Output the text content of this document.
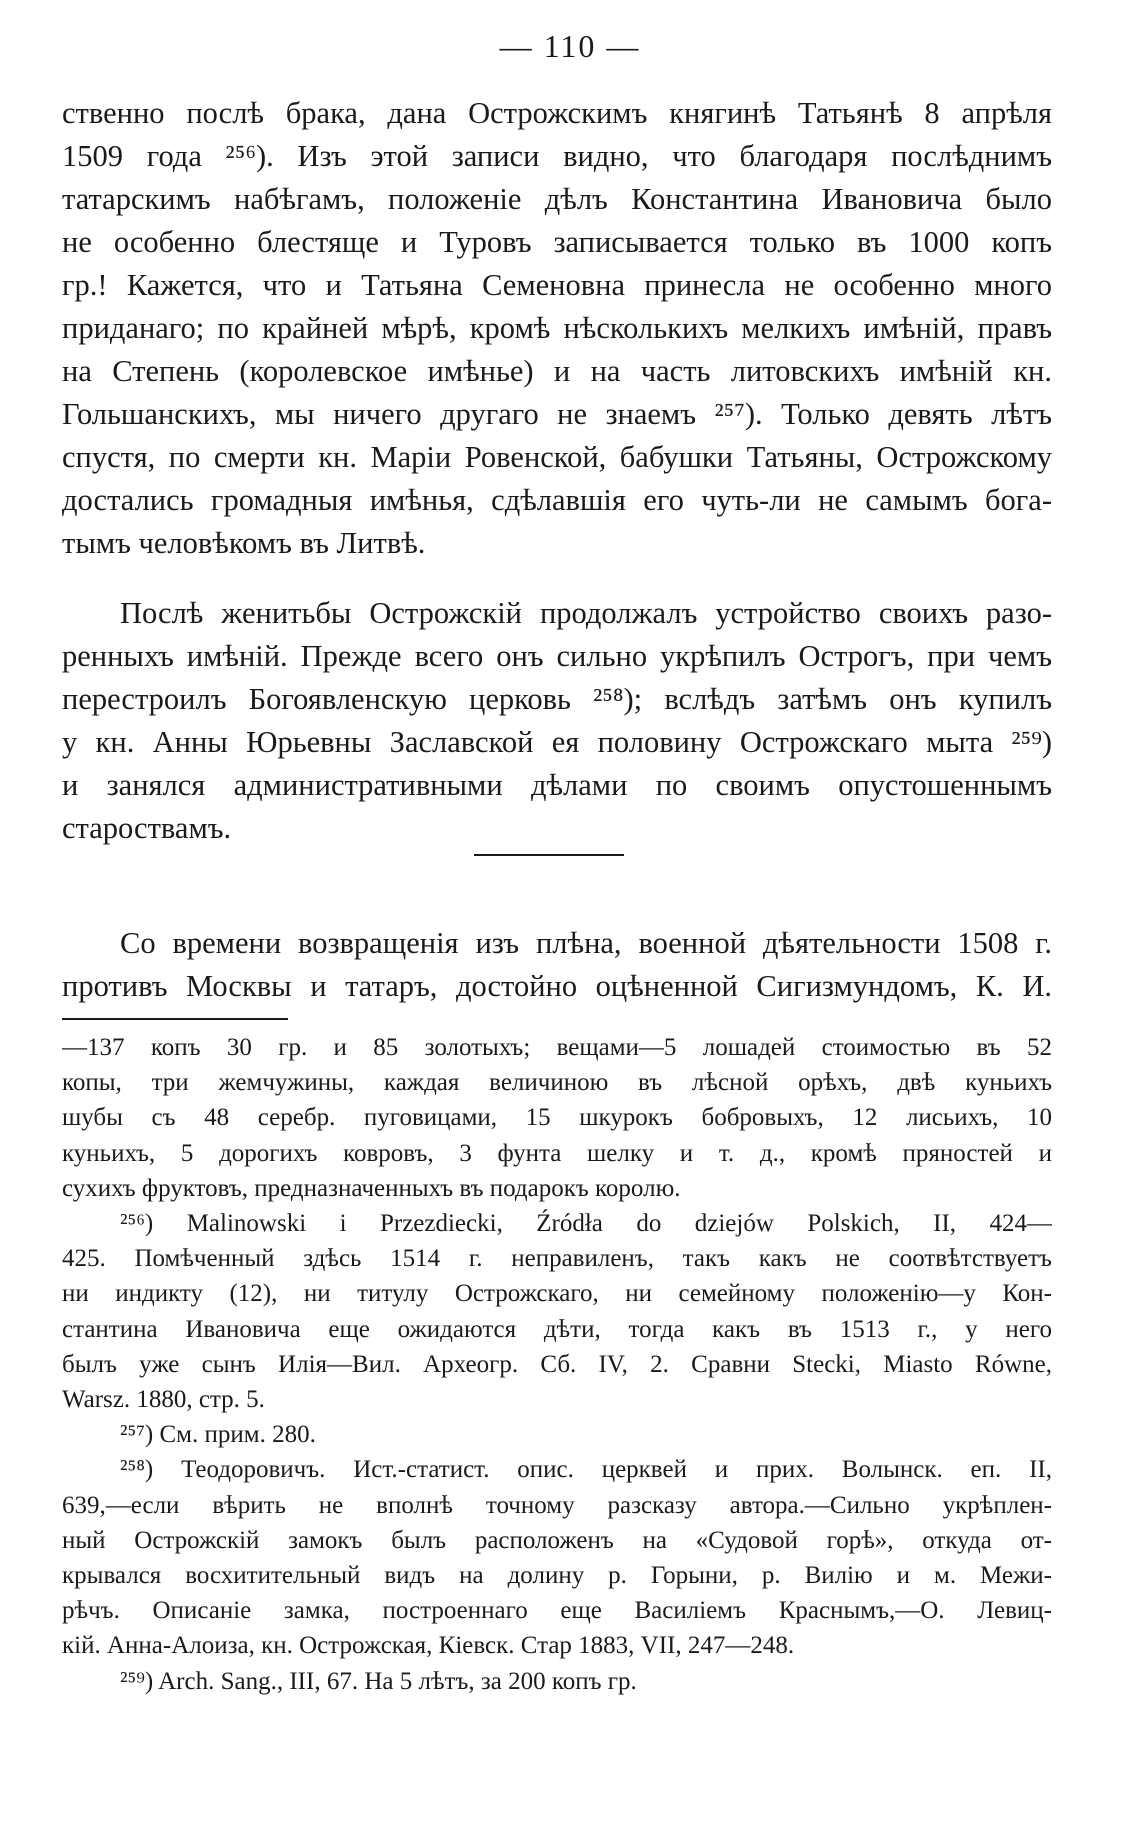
— 110 —
ственно послѣ брака, дана Острожскимъ княгинѣ Татьянѣ 8 апрѣля
1509 года ²⁵⁶). Изъ этой записи видно, что благодаря послѣднимъ
татарскимъ набѣгамъ, положеніе дѣлъ Константина Ивановича было
не особенно блестяще и Туровъ записывается только въ 1000 копъ
гр.! Кажется, что и Татьяна Семеновна принесла не особенно много
приданаго; по крайней мѣрѣ, кромѣ нѣсколькихъ мелкихъ имѣній, правъ
на Степень (королевское имѣнье) и на часть литовскихъ имѣній кн.
Гольшанскихъ, мы ничего другаго не знаемъ ²⁵⁷). Только девять лѣтъ
спустя, по смерти кн. Маріи Ровенской, бабушки Татьяны, Острожскому
достались громадныя имѣнья, сдѣлавшія его чуть-ли не самымъ бога-
тымъ человѣкомъ въ Литвѣ.
Послѣ женитьбы Острожскій продолжалъ устройство своихъ разо-
ренныхъ имѣній. Прежде всего онъ сильно укрѣпилъ Острогъ, при чемъ
перестроилъ Богоявленскую церковь ²⁵⁸); вслѣдъ затѣмъ онъ купилъ
у кн. Анны Юрьевны Заславской ея половину Острожскаго мыта ²⁵⁹)
и занялся административными дѣлами по своимъ опустошеннымъ
староствамъ.
Со времени возвращенія изъ плѣна, военной дѣятельности 1508 г.
противъ Москвы и татаръ, достойно оцѣненной Сигизмундомъ, К. И.
—137 копъ 30 гр. и 85 золотыхъ; вещами—5 лошадей стоимостью въ 52
копы, три жемчужины, каждая величиною въ лѣсной орѣхъ, двѣ куньихъ
шубы съ 48 серебр. пуговицами, 15 шкурокъ бобровыхъ, 12 лисьихъ, 10
куньихъ, 5 дорогихъ ковровъ, 3 фунта шелку и т. д., кромѣ пряностей и
сухихъ фруктовъ, предназначенныхъ въ подарокъ королю.
²⁵⁶) Malinowski i Przezdiecki, Źródła do dziejów Polskich, II, 424—
425. Помѣченный здѣсь 1514 г. неправиленъ, такъ какъ не соотвѣтствуетъ
ни индикту (12), ни титулу Острожскаго, ни семейному положенію—у Кон-
стантина Ивановича еще ожидаются дѣти, тогда какъ въ 1513 г., у него
былъ уже сынъ Илія—Вил. Археогр. Сб. IV, 2. Сравни Stecki, Miasto Równe,
Warsz. 1880, стр. 5.
²⁵⁷) См. прим. 280.
²⁵⁸) Теодоровичъ. Ист.-статист. опис. церквей и прих. Волынск. еп. II,
639,—если вѣрить не вполнѣ точному разсказу автора.—Сильно укрѣплен-
ный Острожскій замокъ былъ расположенъ на «Судовой горѣ», откуда от-
крывался восхитительный видъ на долину р. Горыни, р. Вилію и м. Межи-
рѣчъ. Описаніе замка, построеннаго еще Василіемъ Краснымъ,—О. Левиц-
кій. Анна-Алоиза, кн. Острожская, Кіевск. Стар 1883, VII, 247—248.
²⁵⁹) Arch. Sang., III, 67. На 5 лѣтъ, за 200 копъ гр.
